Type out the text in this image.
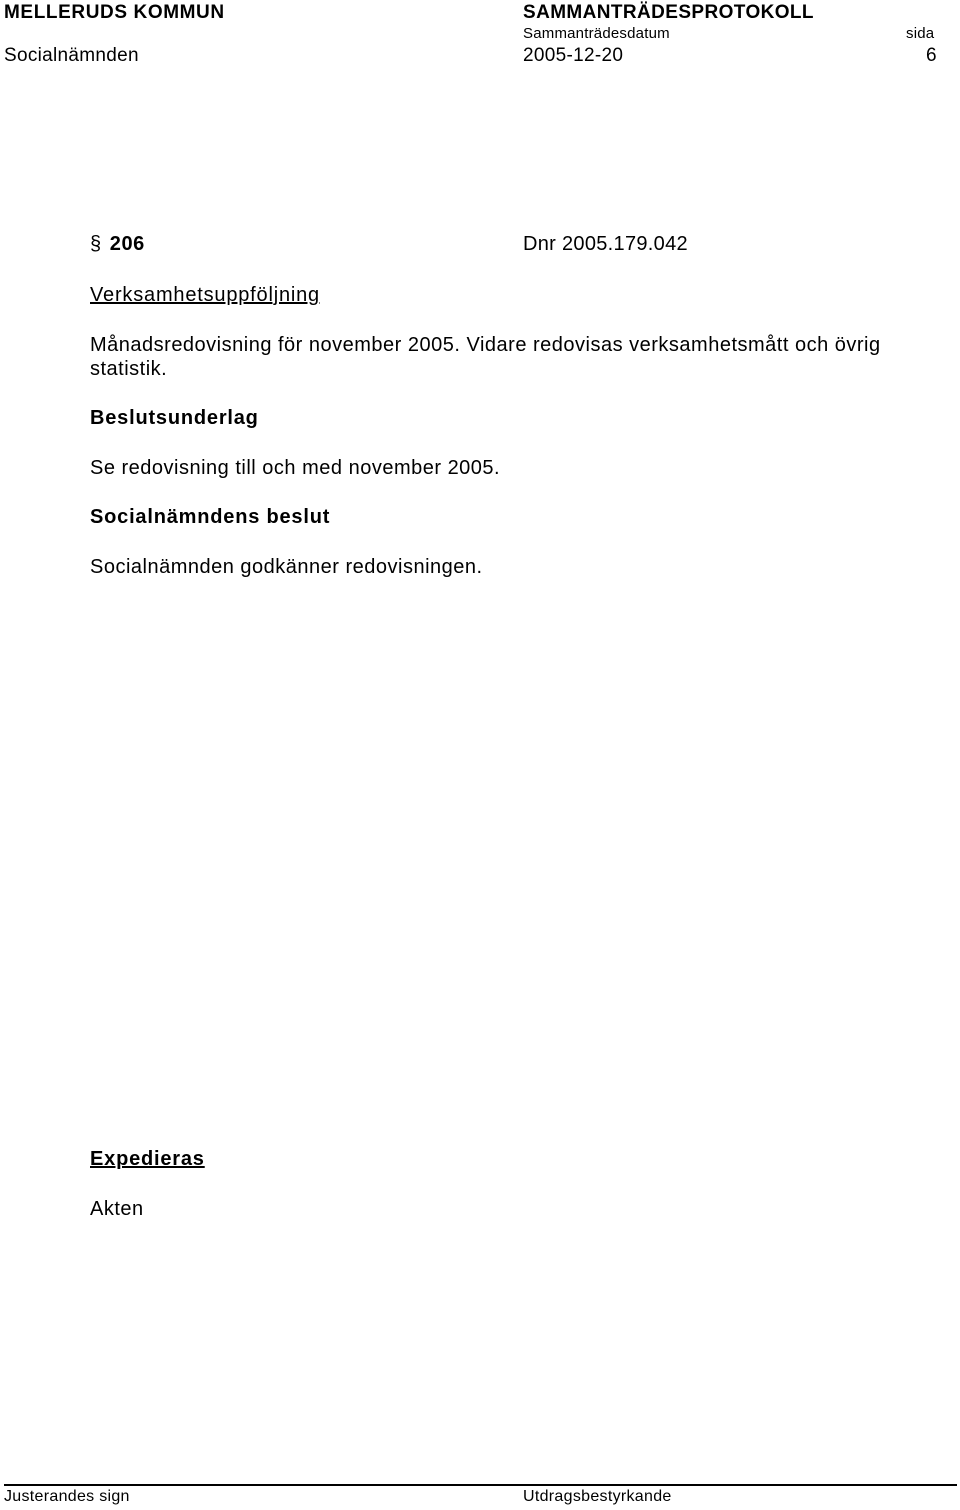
MELLERUDS KOMMUN	SAMMANTRÄDESPROTOKOLL
Sammanträdesdatum	sida
Socialnämnden	2005-12-20	6
§ 206	Dnr 2005.179.042
Verksamhetsuppföljning
Månadsredovisning för november 2005. Vidare redovisas verksamhetsmått och övrig statistik.
Beslutsunderlag
Se redovisning till och med november 2005.
Socialnämndens beslut
Socialnämnden godkänner redovisningen.
Expedieras
Akten
Justerandes sign	Utdragsbestyrkande
